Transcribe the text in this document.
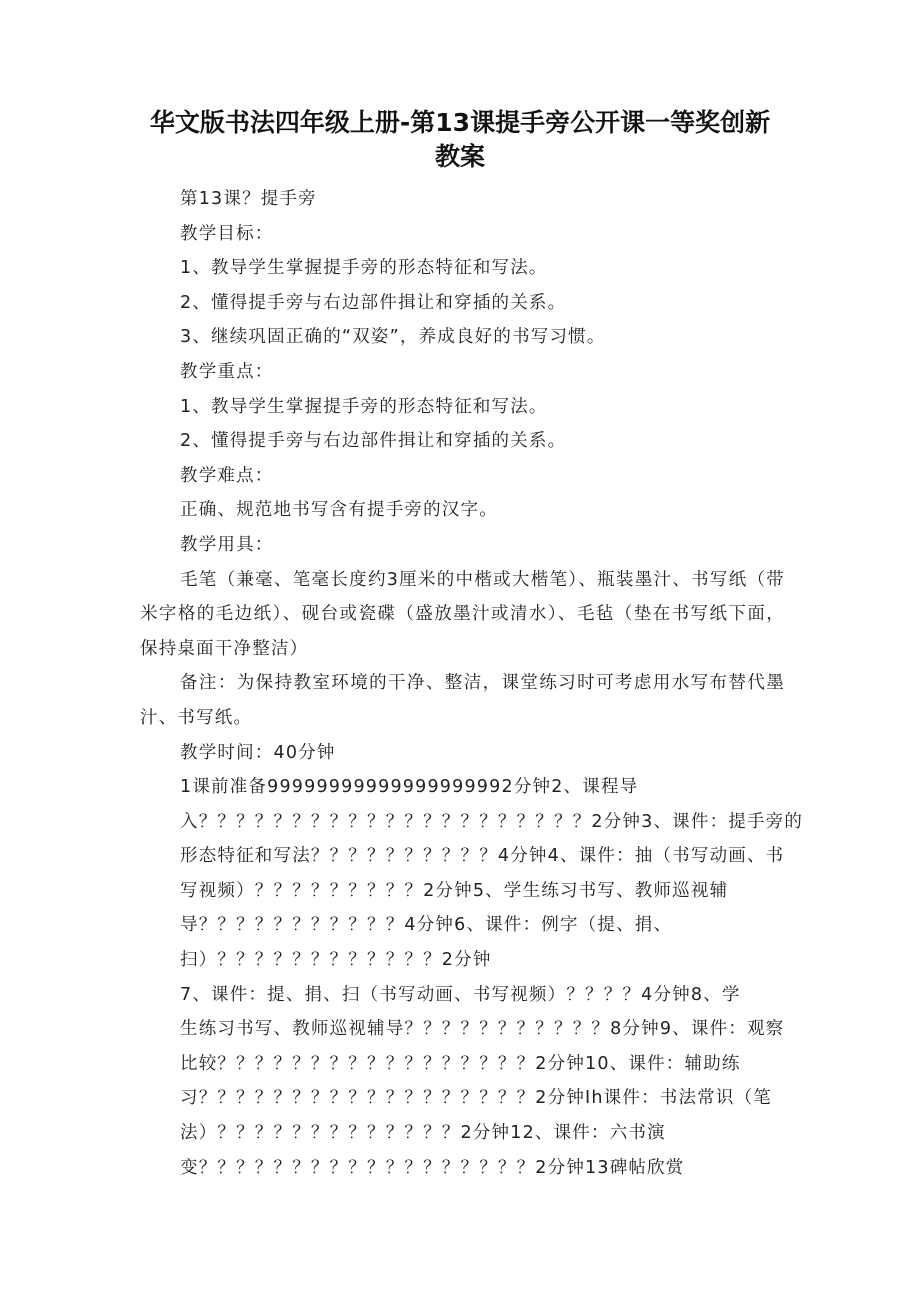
华文版书法四年级上册-第13课提手旁公开课一等奖创新教案
第13课？提手旁
教学目标：
1、教导学生掌握提手旁的形态特征和写法。
2、懂得提手旁与右边部件揖让和穿插的关系。
3、继续巩固正确的“双姿”，养成良好的书写习惯。
教学重点：
1、教导学生掌握提手旁的形态特征和写法。
2、懂得提手旁与右边部件揖让和穿插的关系。
教学难点：
正确、规范地书写含有提手旁的汉字。
教学用具：
毛笔（兼毫、笔毫长度约3厘米的中楷或大楷笔）、瓶装墨汁、书写纸（带米字格的毛边纸）、砚台或瓷碟（盛放墨汁或清水）、毛毡（垫在书写纸下面，保持桌面干净整洁）
备注：为保持教室环境的干净、整洁，课堂练习时可考虑用水写布替代墨汁、书写纸。
教学时间：40分钟
1课前准备99999999999999999992分钟2、课程导
入？？？？？？？？？？？？？？？？？？？？？2分钟3、课件：提手旁的
形态特征和写法？？？？？？？？？？4分钟4、课件：抽（书写动画、书
写视频）？？？？？？？？？2分钟5、学生练习书写、教师巡视辅
导？？？？？？？？？？？4分钟6、课件：例字（提、捐、
扫）？？？？？？？？？？？？2分钟
7、课件：提、捐、扫（书写动画、书写视频）？？？？4分钟8、学
生练习书写、教师巡视辅导？？？？？？？？？？？8分钟9、课件：观察
比较？？？？？？？？？？？？？？？？？2分钟10、课件：辅助练
习？？？？？？？？？？？？？？？？？？2分钟Ih课件：书法常识（笔
法）？？？？？？？？？？？？？2分钟12、课件：六书演
变？？？？？？？？？？？？？？？？？？2分钟13碑帖欣赏
